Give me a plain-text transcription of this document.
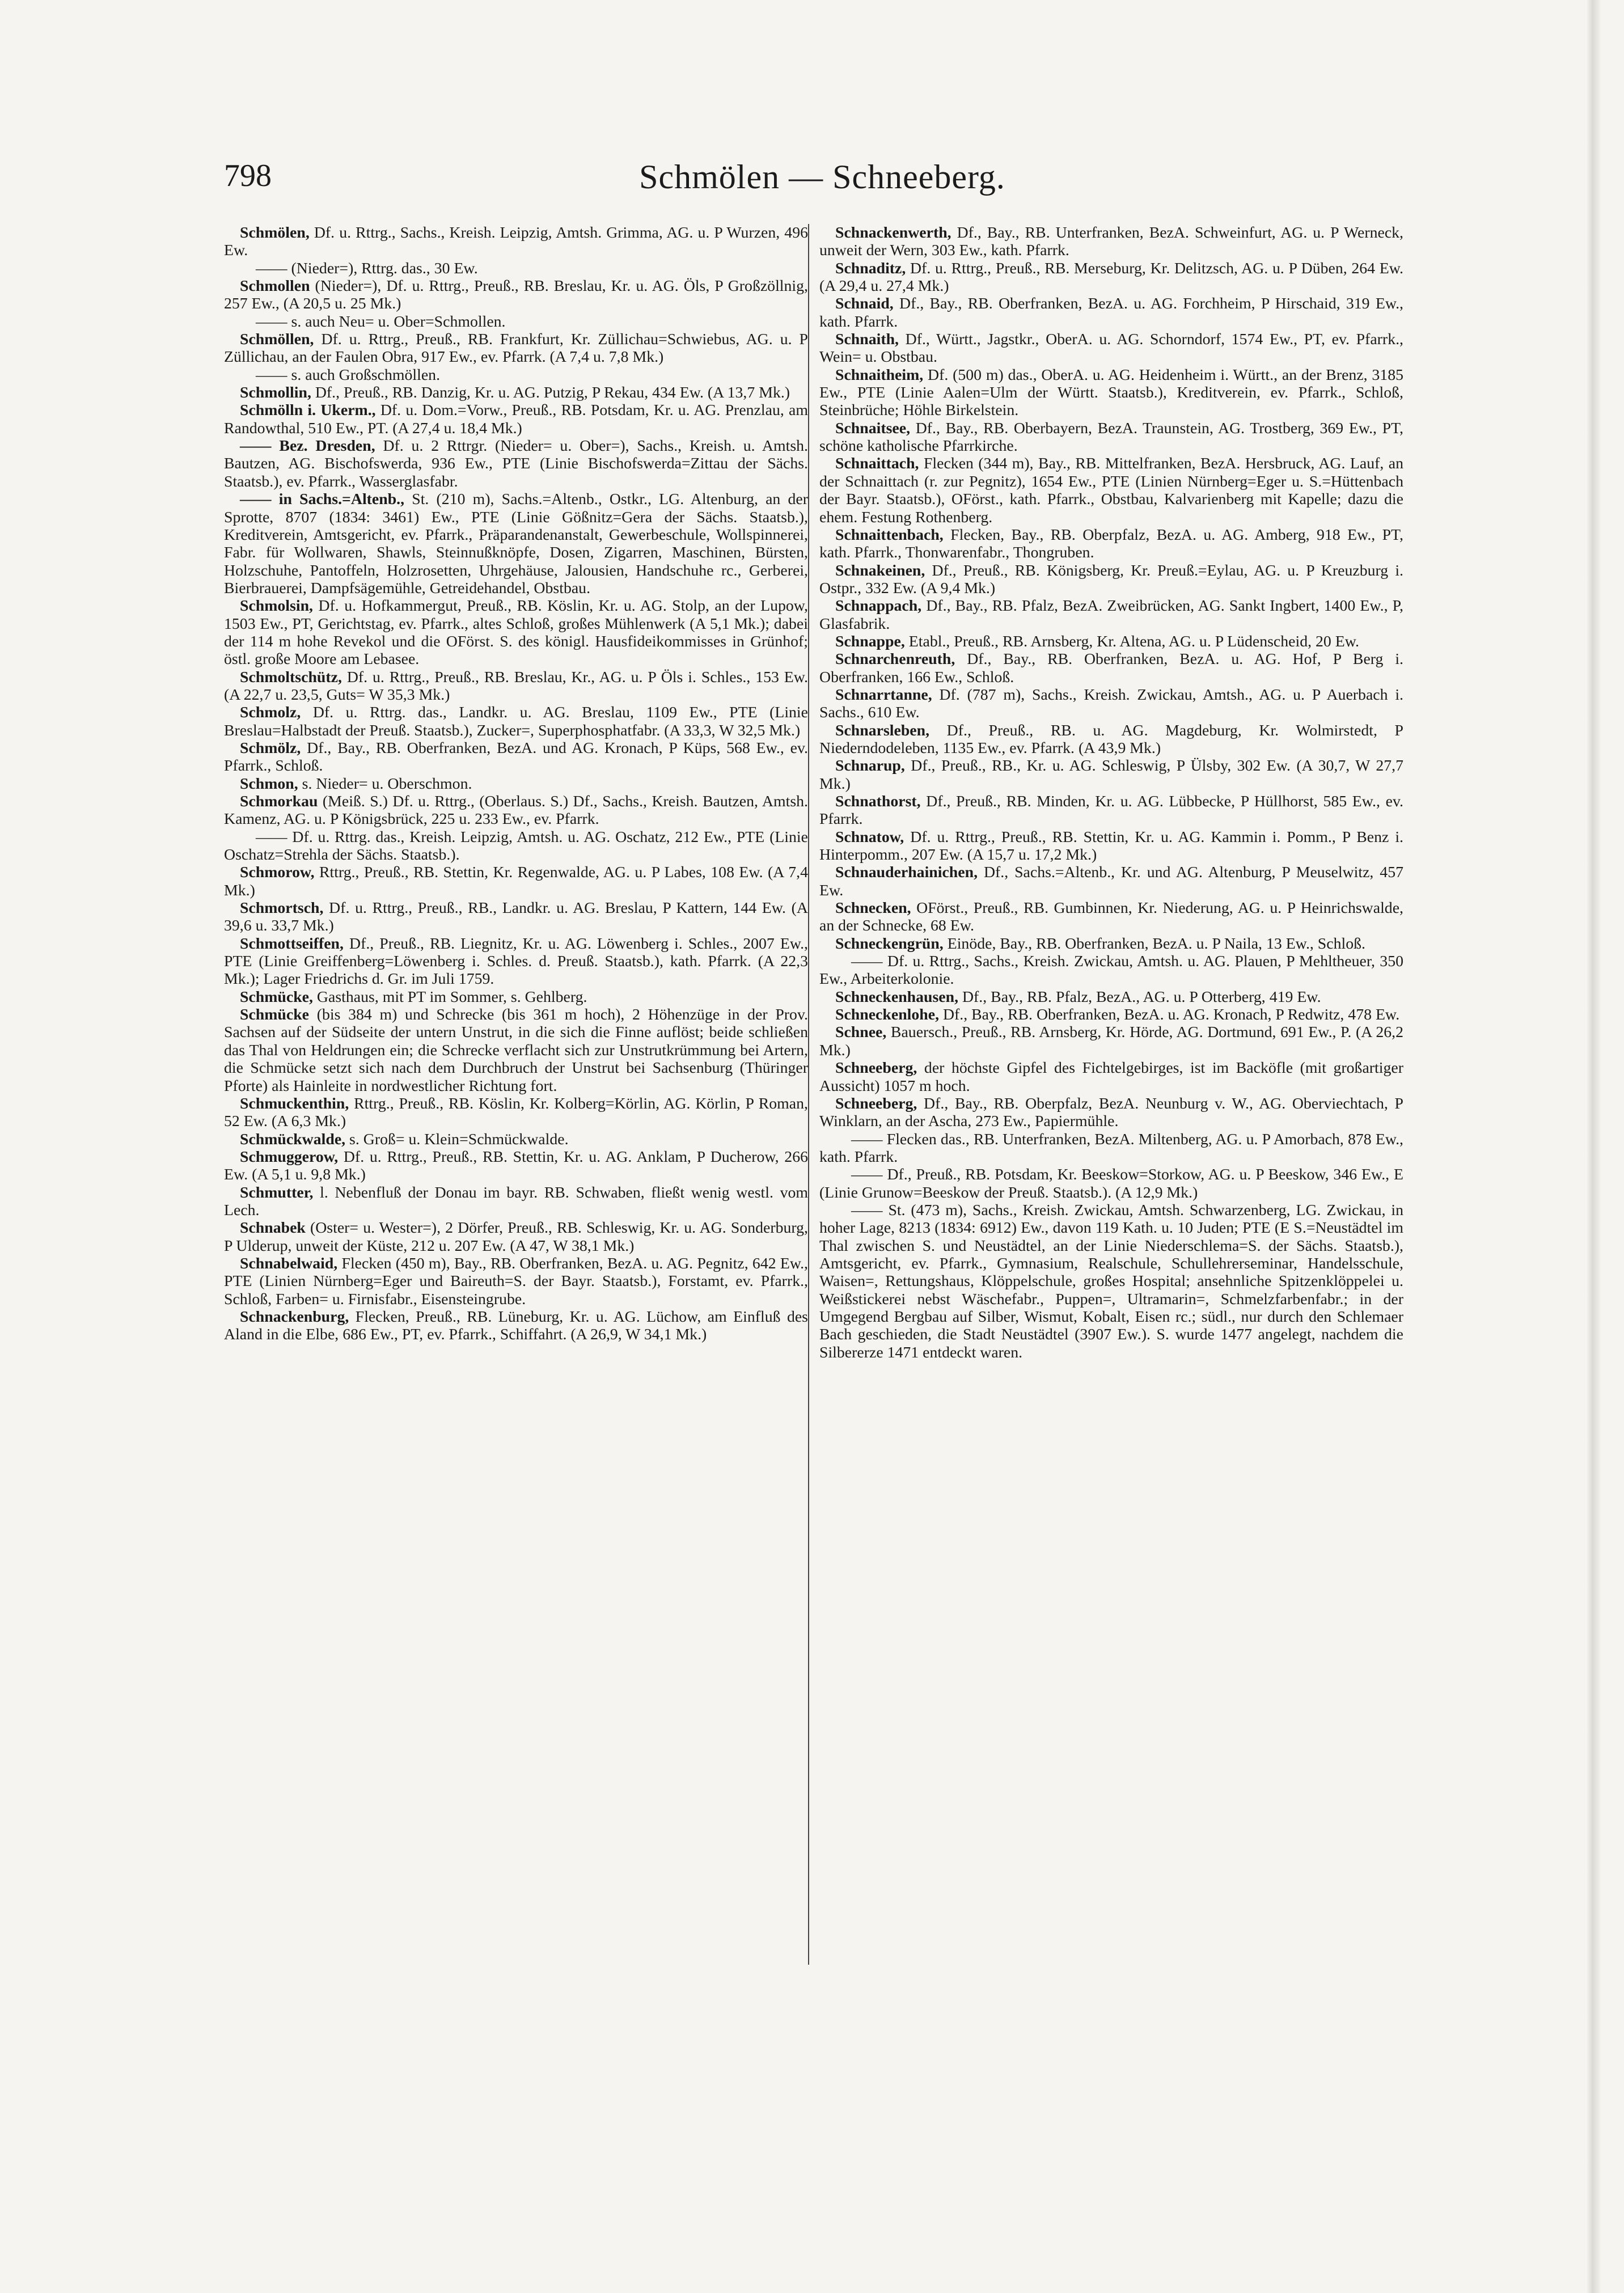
798	Schmölen — Schneeberg.

Schmölen, Df. u. Rttrg., Sachs., Kreish. Leipzig, Amtsh. Grimma, AG. u. P Wurzen, 496 Ew.

—— (Nieder=), Rttrg. das., 30 Ew.

Schmollen (Nieder=), Df. u. Rttrg., Preuß., RB. Breslau, Kr. u. AG. Öls, P Großzöllnig, 257 Ew., (A 20,5 u. 25 Mk.)

—— s. auch Neu= u. Ober=Schmollen.

Schmöllen, Df. u. Rttrg., Preuß., RB. Frankfurt, Kr. Züllichau=Schwiebus, AG. u. P Züllichau, an der Faulen Obra, 917 Ew., ev. Pfarrk. (A 7,4 u. 7,8 Mk.)

—— s. auch Großschmöllen.

Schmollin, Df., Preuß., RB. Danzig, Kr. u. AG. Putzig, P Rekau, 434 Ew. (A 13,7 Mk.)

Schmölln i. Ukerm., Df. u. Dom.=Vorw., Preuß., RB. Potsdam, Kr. u. AG. Prenzlau, am Randowthal, 510 Ew., PT. (A 27,4 u. 18,4 Mk.)

—— Bez. Dresden, Df. u. 2 Rttrgr. (Nieder= u. Ober=), Sachs., Kreish. u. Amtsh. Bautzen, AG. Bischofswerda, 936 Ew., PTE (Linie Bischofswerda=Zittau der Sächs. Staatsb.), ev. Pfarrk., Wasserglasfabr.

—— in Sachs.=Altenb., St. (210 m), Sachs.=Altenb., Ostkr., LG. Altenburg, an der Sprotte, 8707 (1834: 3461) Ew., PTE (Linie Gößnitz=Gera der Sächs. Staatsb.), Kreditverein, Amtsgericht, ev. Pfarrk., Präparandenanstalt, Gewerbeschule, Wollspinnerei, Fabr. für Wollwaren, Shawls, Steinnußknöpfe, Dosen, Zigarren, Maschinen, Bürsten, Holzschuhe, Pantoffeln, Holzrosetten, Uhrgehäuse, Jalousien, Handschuhe rc., Gerberei, Bierbrauerei, Dampfsägemühle, Getreidehandel, Obstbau.

Schmolsin, Df. u. Hofkammergut, Preuß., RB. Köslin, Kr. u. AG. Stolp, an der Lupow, 1503 Ew., PT, Gerichtstag, ev. Pfarrk., altes Schloß, großes Mühlenwerk (A 5,1 Mk.); dabei der 114 m hohe Revekol und die OFörst. S. des königl. Hausfideikommisses in Grünhof; östl. große Moore am Lebasee.

Schmoltschütz, Df. u. Rttrg., Preuß., RB. Breslau, Kr., AG. u. P Öls i. Schles., 153 Ew. (A 22,7 u. 23,5, Guts= W 35,3 Mk.)

Schmolz, Df. u. Rttrg. das., Landkr. u. AG. Breslau, 1109 Ew., PTE (Linie Breslau=Halbstadt der Preuß. Staatsb.), Zucker=, Superphosphatfabr. (A 33,3, W 32,5 Mk.)

Schmölz, Df., Bay., RB. Oberfranken, BezA. und AG. Kronach, P Küps, 568 Ew., ev. Pfarrk., Schloß.

Schmon, s. Nieder= u. Oberschmon.

Schmorkau (Meiß. S.) Df. u. Rttrg., (Oberlaus. S.) Df., Sachs., Kreish. Bautzen, Amtsh. Kamenz, AG. u. P Königsbrück, 225 u. 233 Ew., ev. Pfarrk.

—— Df. u. Rttrg. das., Kreish. Leipzig, Amtsh. u. AG. Oschatz, 212 Ew., PTE (Linie Oschatz=Strehla der Sächs. Staatsb.).

Schmorow, Rttrg., Preuß., RB. Stettin, Kr. Regenwalde, AG. u. P Labes, 108 Ew. (A 7,4 Mk.)

Schmortsch, Df. u. Rttrg., Preuß., RB., Landkr. u. AG. Breslau, P Kattern, 144 Ew. (A 39,6 u. 33,7 Mk.)

Schmottseiffen, Df., Preuß., RB. Liegnitz, Kr. u. AG. Löwenberg i. Schles., 2007 Ew., PTE (Linie Greiffenberg=Löwenberg i. Schles. d. Preuß. Staatsb.), kath. Pfarrk. (A 22,3 Mk.); Lager Friedrichs d. Gr. im Juli 1759.

Schmücke, Gasthaus, mit PT im Sommer, s. Gehlberg.

Schmücke (bis 384 m) und Schrecke (bis 361 m hoch), 2 Höhenzüge in der Prov. Sachsen auf der Südseite der untern Unstrut, in die sich die Finne auflöst; beide schließen das Thal von Heldrungen ein; die Schrecke verflacht sich zur Unstrutkrümmung bei Artern, die Schmücke setzt sich nach dem Durchbruch der Unstrut bei Sachsenburg (Thüringer Pforte) als Hainleite in nordwestlicher Richtung fort.

Schmuckenthin, Rttrg., Preuß., RB. Köslin, Kr. Kolberg=Körlin, AG. Körlin, P Roman, 52 Ew. (A 6,3 Mk.)

Schmückwalde, s. Groß= u. Klein=Schmückwalde.

Schmuggerow, Df. u. Rttrg., Preuß., RB. Stettin, Kr. u. AG. Anklam, P Ducherow, 266 Ew. (A 5,1 u. 9,8 Mk.)

Schmutter, l. Nebenfluß der Donau im bayr. RB. Schwaben, fließt wenig westl. vom Lech.

Schnabek (Oster= u. Wester=), 2 Dörfer, Preuß., RB. Schleswig, Kr. u. AG. Sonderburg, P Ulderup, unweit der Küste, 212 u. 207 Ew. (A 47, W 38,1 Mk.)

Schnabelwaid, Flecken (450 m), Bay., RB. Oberfranken, BezA. u. AG. Pegnitz, 642 Ew., PTE (Linien Nürnberg=Eger und Baireuth=S. der Bayr. Staatsb.), Forstamt, ev. Pfarrk., Schloß, Farben= u. Firnisfabr., Eisensteingrube.

Schnackenburg, Flecken, Preuß., RB. Lüneburg, Kr. u. AG. Lüchow, am Einfluß des Aland in die Elbe, 686 Ew., PT, ev. Pfarrk., Schiffahrt. (A 26,9, W 34,1 Mk.)

Schnackenwerth, Df., Bay., RB. Unterfranken, BezA. Schweinfurt, AG. u. P Werneck, unweit der Wern, 303 Ew., kath. Pfarrk.

Schnaditz, Df. u. Rttrg., Preuß., RB. Merseburg, Kr. Delitzsch, AG. u. P Düben, 264 Ew. (A 29,4 u. 27,4 Mk.)

Schnaid, Df., Bay., RB. Oberfranken, BezA. u. AG. Forchheim, P Hirschaid, 319 Ew., kath. Pfarrk.

Schnaith, Df., Württ., Jagstkr., OberA. u. AG. Schorndorf, 1574 Ew., PT, ev. Pfarrk., Wein= u. Obstbau.

Schnaitheim, Df. (500 m) das., OberA. u. AG. Heidenheim i. Württ., an der Brenz, 3185 Ew., PTE (Linie Aalen=Ulm der Württ. Staatsb.), Kreditverein, ev. Pfarrk., Schloß, Steinbrüche; Höhle Birkelstein.

Schnaitsee, Df., Bay., RB. Oberbayern, BezA. Traunstein, AG. Trostberg, 369 Ew., PT, schöne katholische Pfarrkirche.

Schnaittach, Flecken (344 m), Bay., RB. Mittelfranken, BezA. Hersbruck, AG. Lauf, an der Schnaittach (r. zur Pegnitz), 1654 Ew., PTE (Linien Nürnberg=Eger u. S.=Hüttenbach der Bayr. Staatsb.), OFörst., kath. Pfarrk., Obstbau, Kalvarienberg mit Kapelle; dazu die ehem. Festung Rothenberg.

Schnaittenbach, Flecken, Bay., RB. Oberpfalz, BezA. u. AG. Amberg, 918 Ew., PT, kath. Pfarrk., Thonwarenfabr., Thongruben.

Schnakeinen, Df., Preuß., RB. Königsberg, Kr. Preuß.=Eylau, AG. u. P Kreuzburg i. Ostpr., 332 Ew. (A 9,4 Mk.)

Schnappach, Df., Bay., RB. Pfalz, BezA. Zweibrücken, AG. Sankt Ingbert, 1400 Ew., P, Glasfabrik.

Schnappe, Etabl., Preuß., RB. Arnsberg, Kr. Altena, AG. u. P Lüdenscheid, 20 Ew.

Schnarchenreuth, Df., Bay., RB. Oberfranken, BezA. u. AG. Hof, P Berg i. Oberfranken, 166 Ew., Schloß.

Schnarrtanne, Df. (787 m), Sachs., Kreish. Zwickau, Amtsh., AG. u. P Auerbach i. Sachs., 610 Ew.

Schnarsleben, Df., Preuß., RB. u. AG. Magdeburg, Kr. Wolmirstedt, P Niederndodeleben, 1135 Ew., ev. Pfarrk. (A 43,9 Mk.)

Schnarup, Df., Preuß., RB., Kr. u. AG. Schleswig, P Ülsby, 302 Ew. (A 30,7, W 27,7 Mk.)

Schnathorst, Df., Preuß., RB. Minden, Kr. u. AG. Lübbecke, P Hüllhorst, 585 Ew., ev. Pfarrk.

Schnatow, Df. u. Rttrg., Preuß., RB. Stettin, Kr. u. AG. Kammin i. Pomm., P Benz i. Hinterpomm., 207 Ew. (A 15,7 u. 17,2 Mk.)

Schnauderhainichen, Df., Sachs.=Altenb., Kr. und AG. Altenburg, P Meuselwitz, 457 Ew.

Schnecken, OFörst., Preuß., RB. Gumbinnen, Kr. Niederung, AG. u. P Heinrichswalde, an der Schnecke, 68 Ew.

Schneckengrün, Einöde, Bay., RB. Oberfranken, BezA. u. P Naila, 13 Ew., Schloß.

—— Df. u. Rttrg., Sachs., Kreish. Zwickau, Amtsh. u. AG. Plauen, P Mehltheuer, 350 Ew., Arbeiterkolonie.

Schneckenhausen, Df., Bay., RB. Pfalz, BezA., AG. u. P Otterberg, 419 Ew.

Schneckenlohe, Df., Bay., RB. Oberfranken, BezA. u. AG. Kronach, P Redwitz, 478 Ew.

Schnee, Bauersch., Preuß., RB. Arnsberg, Kr. Hörde, AG. Dortmund, 691 Ew., P. (A 26,2 Mk.)

Schneeberg, der höchste Gipfel des Fichtelgebirges, ist im Backöfle (mit großartiger Aussicht) 1057 m hoch.

Schneeberg, Df., Bay., RB. Oberpfalz, BezA. Neunburg v. W., AG. Oberviechtach, P Winklarn, an der Ascha, 273 Ew., Papiermühle.

—— Flecken das., RB. Unterfranken, BezA. Miltenberg, AG. u. P Amorbach, 878 Ew., kath. Pfarrk.

—— Df., Preuß., RB. Potsdam, Kr. Beeskow=Storkow, AG. u. P Beeskow, 346 Ew., E (Linie Grunow=Beeskow der Preuß. Staatsb.). (A 12,9 Mk.)

—— St. (473 m), Sachs., Kreish. Zwickau, Amtsh. Schwarzenberg, LG. Zwickau, in hoher Lage, 8213 (1834: 6912) Ew., davon 119 Kath. u. 10 Juden; PTE (E S.=Neustädtel im Thal zwischen S. und Neustädtel, an der Linie Niederschlema=S. der Sächs. Staatsb.), Amtsgericht, ev. Pfarrk., Gymnasium, Realschule, Schullehrerseminar, Handelsschule, Waisen=, Rettungshaus, Klöppelschule, großes Hospital; ansehnliche Spitzenklöppelei u. Weißstickerei nebst Wäschefabr., Puppen=, Ultramarin=, Schmelzfarbenfabr.; in der Umgegend Bergbau auf Silber, Wismut, Kobalt, Eisen rc.; südl., nur durch den Schlemaer Bach geschieden, die Stadt Neustädtel (3907 Ew.). S. wurde 1477 angelegt, nachdem die Silbererze 1471 entdeckt waren.
